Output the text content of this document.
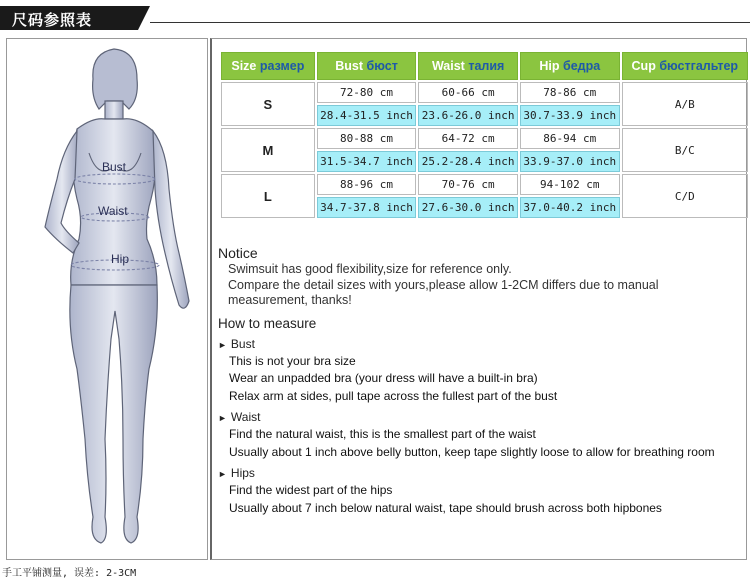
尺码参照表
Bust
Waist
Hip
Size размер	Bust бюст	Waist талия	Hip бедра	Cup бюстгальтер
S	72-80 cm	60-66 cm	78-86 cm	A/B
	28.4-31.5 inch	23.6-26.0 inch	30.7-33.9 inch	
M	80-88 cm	64-72 cm	86-94 cm	B/C
	31.5-34.7 inch	25.2-28.4 inch	33.9-37.0 inch	
L	88-96 cm	70-76 cm	94-102 cm	C/D
	34.7-37.8 inch	27.6-30.0 inch	37.0-40.2 inch	
Notice
Swimsuit has good flexibility,size for reference only.
Compare the detail sizes with yours,please allow 1-2CM differs due to manual
measurement, thanks!
How to measure
► Bust
This is not your bra size
Wear an unpadded bra (your dress will have a built-in bra)
Relax arm at sides, pull tape across the fullest part of the bust
► Waist
Find the natural waist, this is the smallest part of the waist
Usually about 1 inch above belly button, keep tape slightly loose to allow for breathing room
► Hips
Find the widest part of the hips
Usually about 7 inch below natural waist, tape should brush across both hipbones
手工平铺测量, 误差: 2-3CM
